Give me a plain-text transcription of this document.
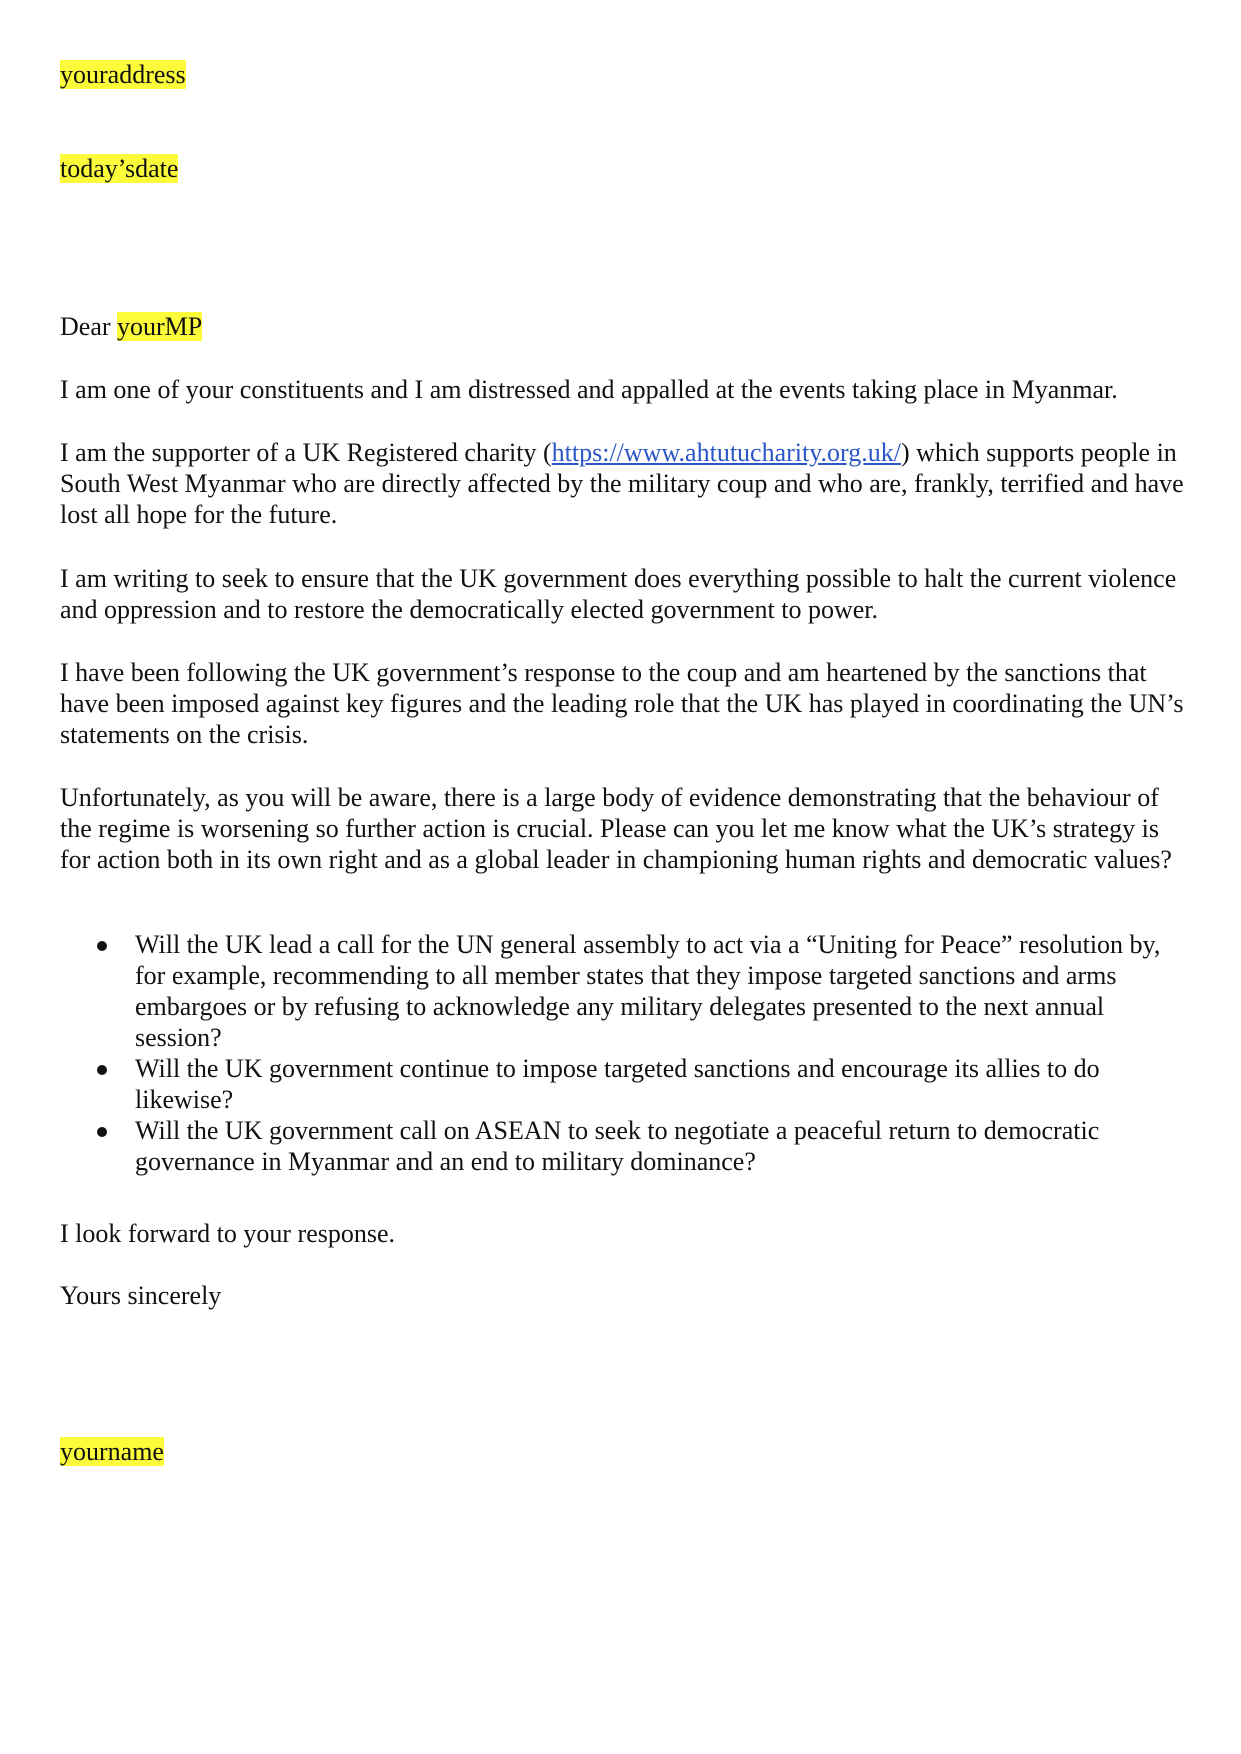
youraddress

today’sdate

Dear yourMP

I am one of your constituents and I am distressed and appalled at the events taking place in Myanmar.

I am the supporter of a UK Registered charity (https://www.ahtutucharity.org.uk/) which supports people in South West Myanmar who are directly affected by the military coup and who are, frankly, terrified and have lost all hope for the future.

I am writing to seek to ensure that the UK government does everything possible to halt the current violence and oppression and to restore the democratically elected government to power.

I have been following the UK government’s response to the coup and am heartened by the sanctions that have been imposed against key figures and the leading role that the UK has played in coordinating the UN’s statements on the crisis.

Unfortunately, as you will be aware, there is a large body of evidence demonstrating that the behaviour of the regime is worsening so further action is crucial. Please can you let me know what the UK’s strategy is for action both in its own right and as a global leader in championing human rights and democratic values?

Will the UK lead a call for the UN general assembly to act via a “Uniting for Peace” resolution by, for example, recommending to all member states that they impose targeted sanctions and arms embargoes or by refusing to acknowledge any military delegates presented to the next annual session?
Will the UK government continue to impose targeted sanctions and encourage its allies to do likewise?
Will the UK government call on ASEAN to seek to negotiate a peaceful return to democratic governance in Myanmar and an end to military dominance?

I look forward to your response.

Yours sincerely

yourname
